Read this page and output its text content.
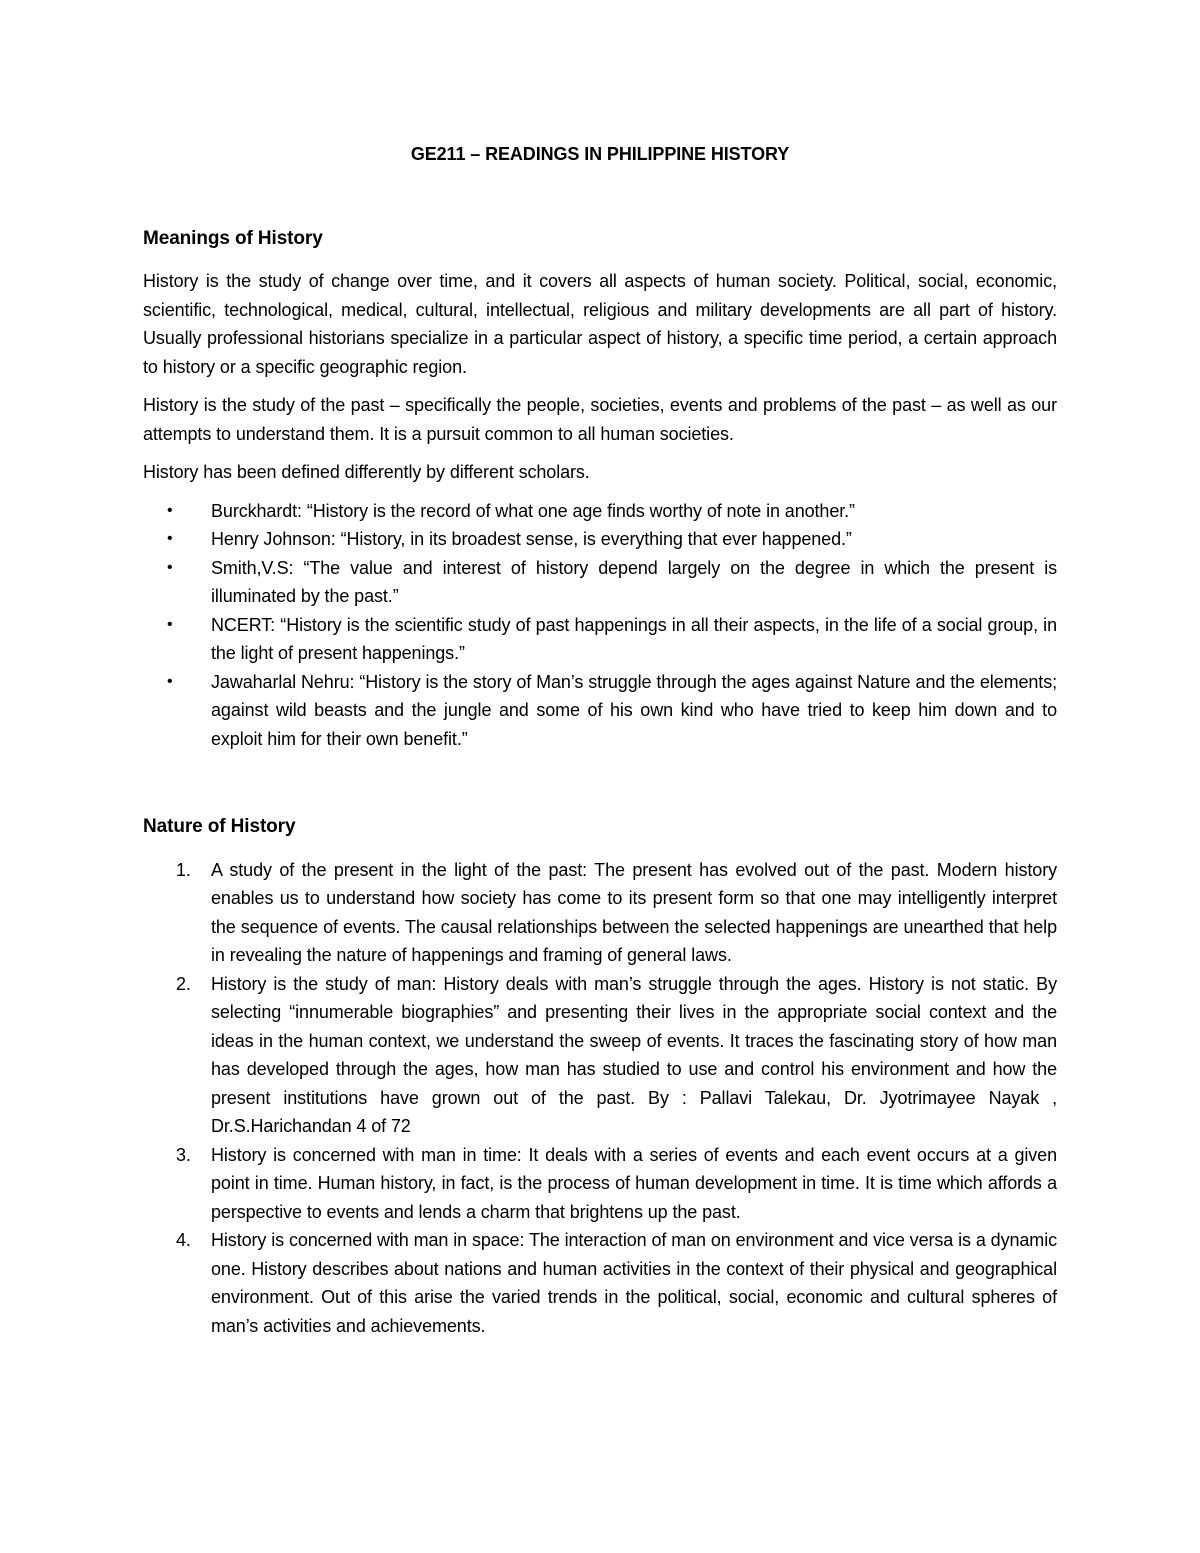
GE211 – READINGS IN PHILIPPINE HISTORY
Meanings of History

History is the study of change over time, and it covers all aspects of human society. Political, social, economic, scientific, technological, medical, cultural, intellectual, religious and military developments are all part of history. Usually professional historians specialize in a particular aspect of history, a specific time period, a certain approach to history or a specific geographic region.

History is the study of the past – specifically the people, societies, events and problems of the past – as well as our attempts to understand them. It is a pursuit common to all human societies.

History has been defined differently by different scholars.

• Burckhardt: “History is the record of what one age finds worthy of note in another.”
• Henry Johnson: “History, in its broadest sense, is everything that ever happened.”
• Smith,V.S: “The value and interest of history depend largely on the degree in which the present is illuminated by the past.”
• NCERT: “History is the scientific study of past happenings in all their aspects, in the life of a social group, in the light of present happenings.”
• Jawaharlal Nehru: “History is the story of Man’s struggle through the ages against Nature and the elements; against wild beasts and the jungle and some of his own kind who have tried to keep him down and to exploit him for their own benefit.”
Nature of History
1. A study of the present in the light of the past: The present has evolved out of the past. Modern history enables us to understand how society has come to its present form so that one may intelligently interpret the sequence of events. The causal relationships between the selected happenings are unearthed that help in revealing the nature of happenings and framing of general laws.
2. History is the study of man: History deals with man’s struggle through the ages. History is not static. By selecting “innumerable biographies” and presenting their lives in the appropriate social context and the ideas in the human context, we understand the sweep of events. It traces the fascinating story of how man has developed through the ages, how man has studied to use and control his environment and how the present institutions have grown out of the past. By : Pallavi Talekau, Dr. Jyotrimayee Nayak , Dr.S.Harichandan 4 of 72
3. History is concerned with man in time: It deals with a series of events and each event occurs at a given point in time. Human history, in fact, is the process of human development in time. It is time which affords a perspective to events and lends a charm that brightens up the past.
4. History is concerned with man in space: The interaction of man on environment and vice versa is a dynamic one. History describes about nations and human activities in the context of their physical and geographical environment. Out of this arise the varied trends in the political, social, economic and cultural spheres of man’s activities and achievements.
